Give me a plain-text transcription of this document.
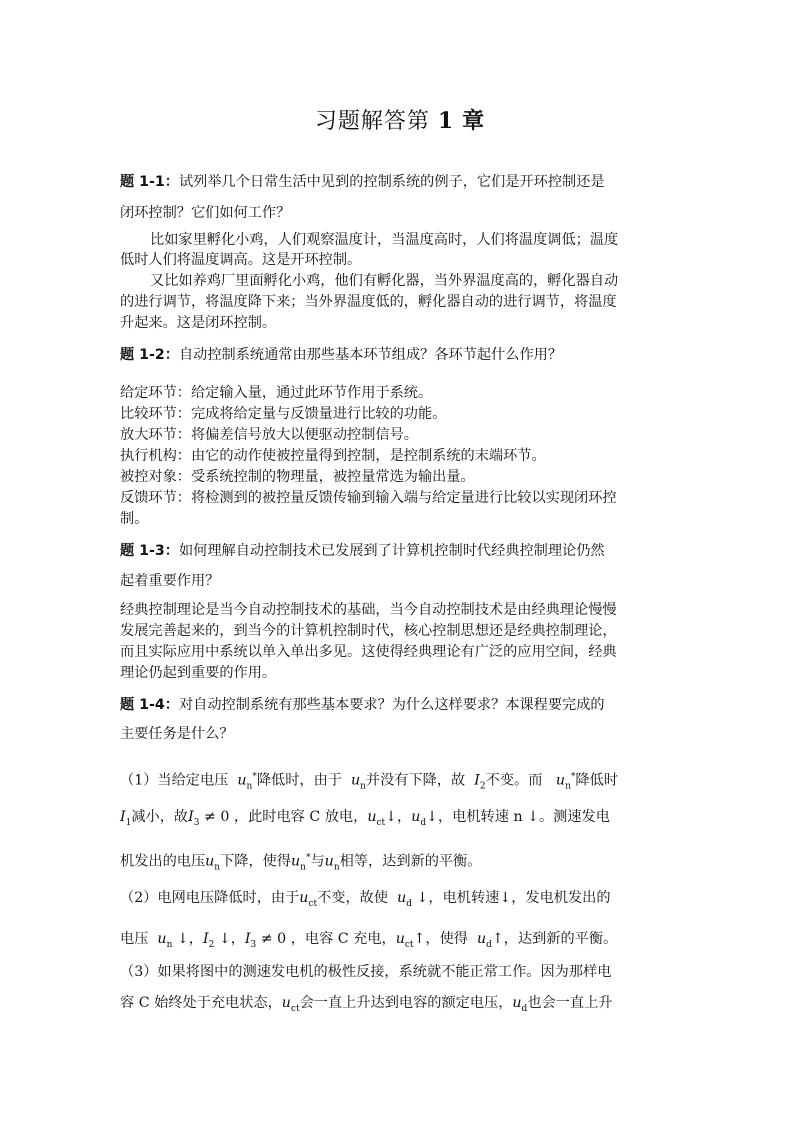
习题解答第 1 章
题 1-1：试列举几个日常生活中见到的控制系统的例子，它们是开环控制还是
闭环控制？它们如何工作？
比如家里孵化小鸡，人们观察温度计，当温度高时，人们将温度调低；温度
低时人们将温度调高。这是开环控制。
又比如养鸡厂里面孵化小鸡，他们有孵化器，当外界温度高的，孵化器自动
的进行调节，将温度降下来；当外界温度低的，孵化器自动的进行调节，将温度
升起来。这是闭环控制。
题 1-2：自动控制系统通常由那些基本环节组成？各环节起什么作用？
给定环节：给定输入量，通过此环节作用于系统。
比较环节：完成将给定量与反馈量进行比较的功能。
放大环节：将偏差信号放大以便驱动控制信号。
执行机构：由它的动作使被控量得到控制，是控制系统的末端环节。
被控对象：受系统控制的物理量，被控量常选为输出量。
反馈环节：将检测到的被控量反馈传输到输入端与给定量进行比较以实现闭环控
制。
题 1-3：如何理解自动控制技术已发展到了计算机控制时代经典控制理论仍然
起着重要作用？
经典控制理论是当今自动控制技术的基础，当今自动控制技术是由经典理论慢慢
发展完善起来的，到当今的计算机控制时代，核心控制思想还是经典控制理论，
而且实际应用中系统以单入单出多见。这使得经典理论有广泛的应用空间，经典
理论仍起到重要的作用。
题 1-4：对自动控制系统有那些基本要求？为什么这样要求？本课程要完成的
主要任务是什么？
（1）当给定电压 $u_n^*$降低时，由于 $u_n$并没有下降，故 $I_2$不变。而 $u_n^*$降低时
$I_1$减小，故$I_3 \ne 0$ ，此时电容 C 放电，$u_{ct}↓$，$u_d↓$，电机转速 n ↓。测速发电
机发出的电压$u_n$下降，使得$u_n^*$与$u_n$相等，达到新的平衡。
（2）电网电压降低时，由于$u_{ct}$不变，故使 $u_d$ ↓，电机转速↓，发电机发出的
电压 $u_n$ ↓，$I_2$ ↓，$I_3 \ne 0$ ，电容 C 充电，$u_{ct}↑$，使得 $u_d↑$，达到新的平衡。
（3）如果将图中的测速发电机的极性反接，系统就不能正常工作。因为那样电
容 C 始终处于充电状态，$u_{ct}$会一直上升达到电容的额定电压，$u_d$也会一直上升
